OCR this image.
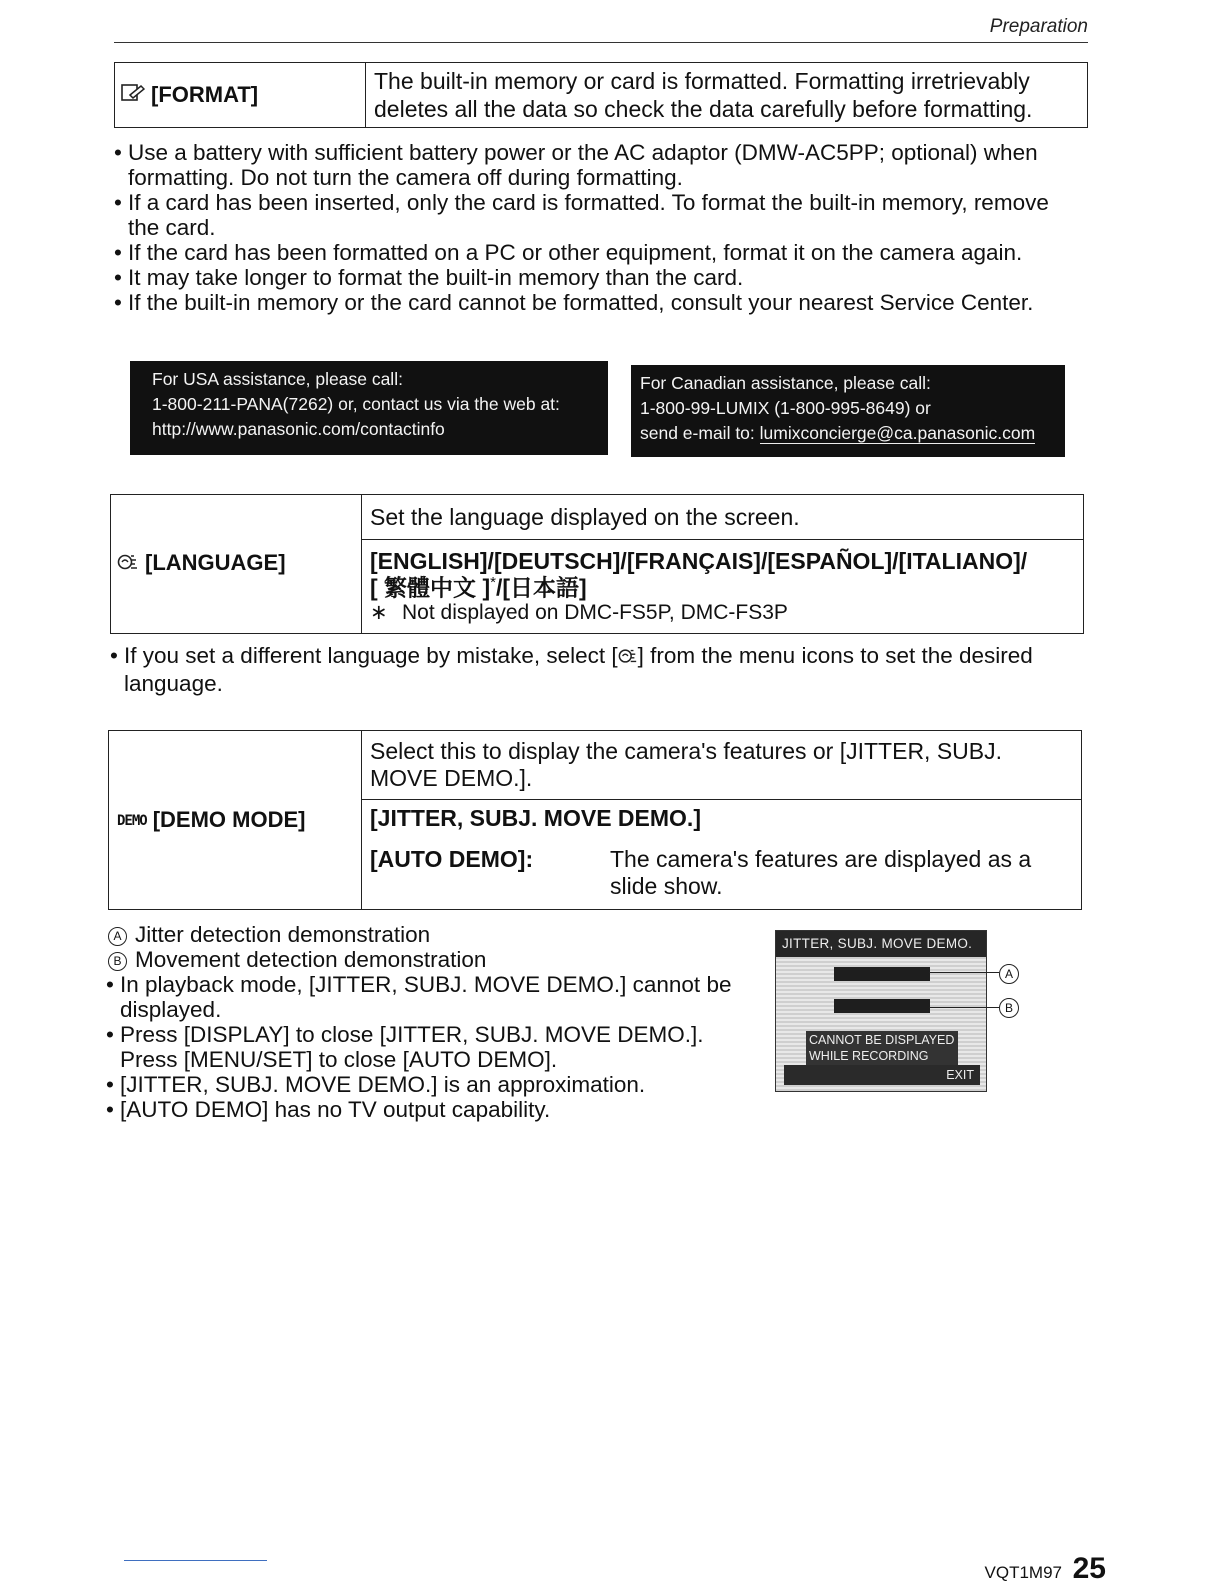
Preparation
[FORMAT]	The built-in memory or card is formatted. Formatting irretrievably deletes all the data so check the data carefully before formatting.
• Use a battery with sufficient battery power or the AC adaptor (DMW-AC5PP; optional) when formatting. Do not turn the camera off during formatting.
• If a card has been inserted, only the card is formatted. To format the built-in memory, remove the card.
• If the card has been formatted on a PC or other equipment, format it on the camera again.
• It may take longer to format the built-in memory than the card.
• If the built-in memory or the card cannot be formatted, consult your nearest Service Center.
For USA assistance, please call:
1-800-211-PANA(7262) or, contact us via the web at:
http://www.panasonic.com/contactinfo
For Canadian assistance, please call:
1-800-99-LUMIX (1-800-995-8649) or
send e-mail to: lumixconcierge@ca.panasonic.com
[LANGUAGE]	Set the language displayed on the screen.

[ENGLISH]/[DEUTSCH]/[FRANÇAIS]/[ESPAÑOL]/[ITALIANO]/
[ 繁體中文 ]*/[日本語]
∗ Not displayed on DMC-FS5P, DMC-FS3P
• If you set a different language by mistake, select [ ] from the menu icons to set the desired language.
DEMO [DEMO MODE]	Select this to display the camera's features or [JITTER, SUBJ. MOVE DEMO.].

[JITTER, SUBJ. MOVE DEMO.]
[AUTO DEMO]:	The camera's features are displayed as a slide show.
A Jitter detection demonstration
B Movement detection demonstration
• In playback mode, [JITTER, SUBJ. MOVE DEMO.] cannot be displayed.
• Press [DISPLAY] to close [JITTER, SUBJ. MOVE DEMO.]. Press [MENU/SET] to close [AUTO DEMO].
• [JITTER, SUBJ. MOVE DEMO.] is an approximation.
• [AUTO DEMO] has no TV output capability.
JITTER, SUBJ. MOVE DEMO.
CANNOT BE DISPLAYED
WHILE RECORDING
EXIT
A
B
VQT1M97 25
